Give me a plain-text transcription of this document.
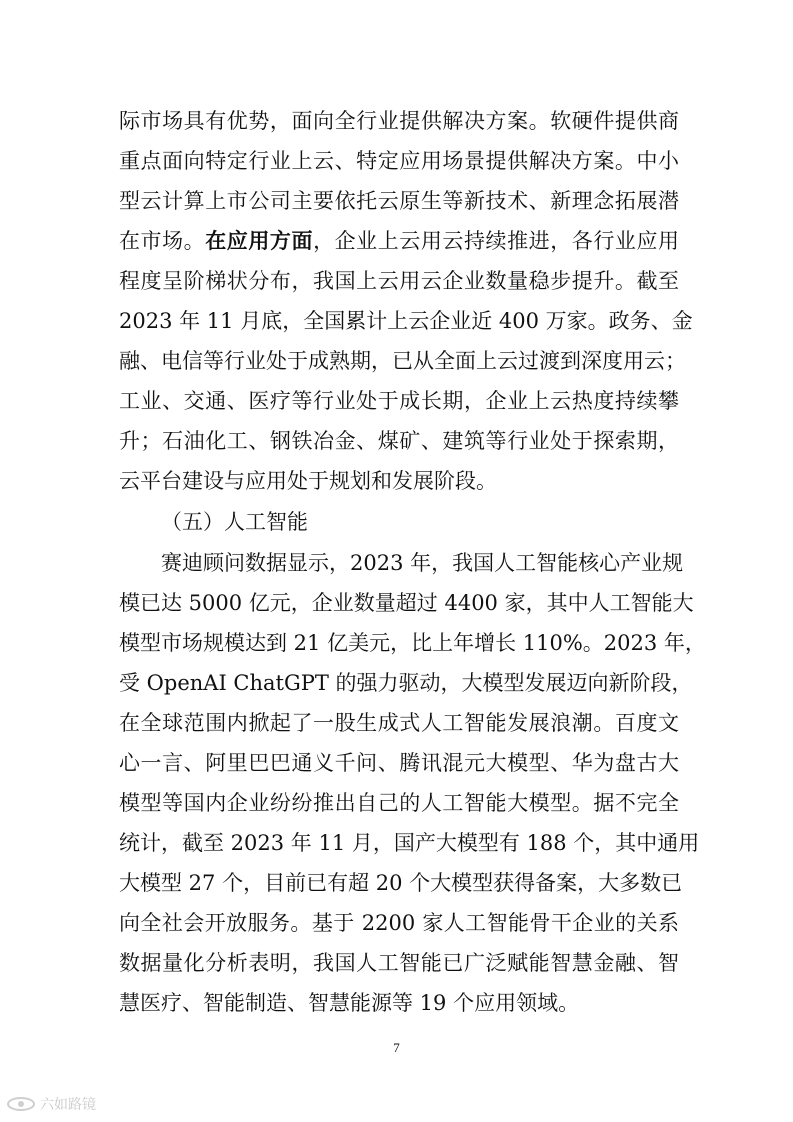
际市场具有优势，面向全行业提供解决方案。软硬件提供商
重点面向特定行业上云、特定应用场景提供解决方案。中小
型云计算上市公司主要依托云原生等新技术、新理念拓展潜
在市场。在应用方面，企业上云用云持续推进，各行业应用
程度呈阶梯状分布，我国上云用云企业数量稳步提升。截至
2023 年 11 月底，全国累计上云企业近 400 万家。政务、金
融、电信等行业处于成熟期，已从全面上云过渡到深度用云；
工业、交通、医疗等行业处于成长期，企业上云热度持续攀
升；石油化工、钢铁冶金、煤矿、建筑等行业处于探索期，
云平台建设与应用处于规划和发展阶段。
（五）人工智能
赛迪顾问数据显示，2023 年，我国人工智能核心产业规
模已达 5000 亿元，企业数量超过 4400 家，其中人工智能大
模型市场规模达到 21 亿美元，比上年增长 110%。2023 年，
受 OpenAI ChatGPT 的强力驱动，大模型发展迈向新阶段，
在全球范围内掀起了一股生成式人工智能发展浪潮。百度文
心一言、阿里巴巴通义千问、腾讯混元大模型、华为盘古大
模型等国内企业纷纷推出自己的人工智能大模型。据不完全
统计，截至 2023 年 11 月，国产大模型有 188 个，其中通用
大模型 27 个，目前已有超 20 个大模型获得备案，大多数已
向全社会开放服务。基于 2200 家人工智能骨干企业的关系
数据量化分析表明，我国人工智能已广泛赋能智慧金融、智
慧医疗、智能制造、智慧能源等 19 个应用领域。
7
六如路镜
